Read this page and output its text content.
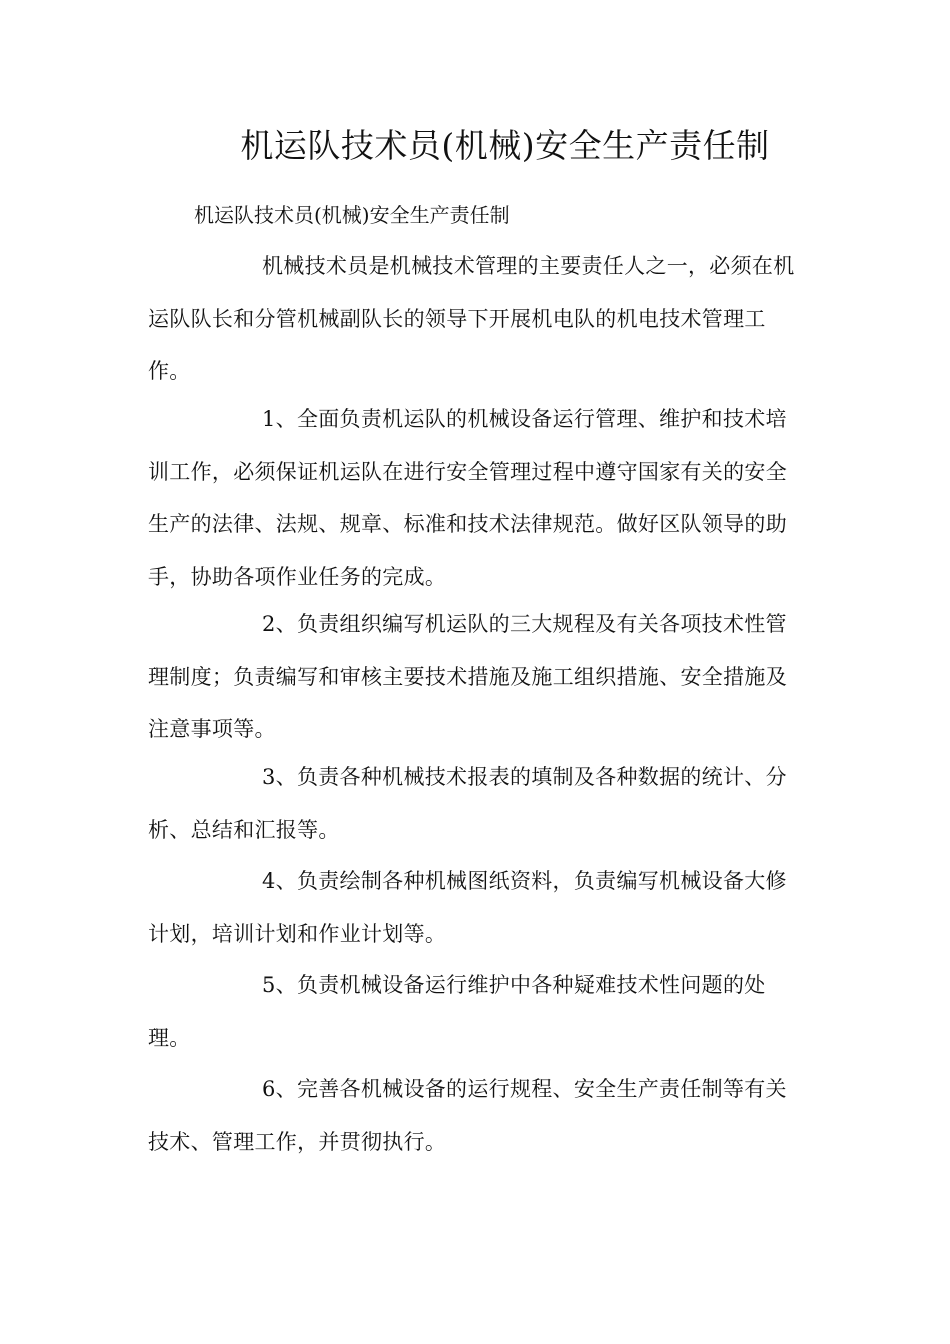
机运队技术员(机械)安全生产责任制

机运队技术员(机械)安全生产责任制

机械技术员是机械技术管理的主要责任人之一，必须在机运队队长和分管机械副队长的领导下开展机电队的机电技术管理工作。

1、全面负责机运队的机械设备运行管理、维护和技术培训工作，必须保证机运队在进行安全管理过程中遵守国家有关的安全生产的法律、法规、规章、标准和技术法律规范。做好区队领导的助手，协助各项作业任务的完成。

2、负责组织编写机运队的三大规程及有关各项技术性管理制度；负责编写和审核主要技术措施及施工组织措施、安全措施及注意事项等。

3、负责各种机械技术报表的填制及各种数据的统计、分析、总结和汇报等。

4、负责绘制各种机械图纸资料，负责编写机械设备大修计划，培训计划和作业计划等。

5、负责机械设备运行维护中各种疑难技术性问题的处理。

6、完善各机械设备的运行规程、安全生产责任制等有关技术、管理工作，并贯彻执行。
